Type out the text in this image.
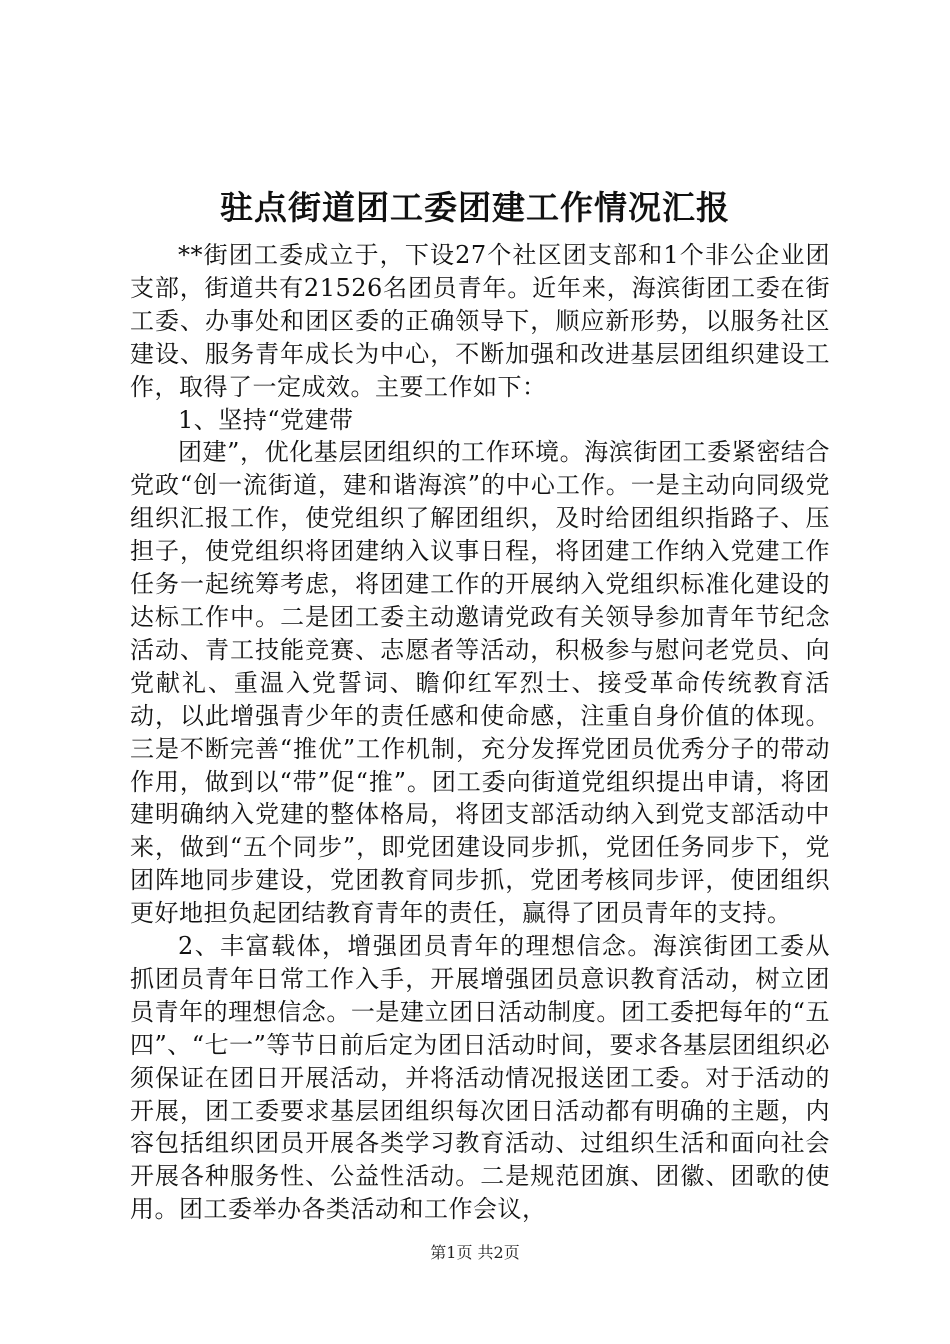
驻点街道团工委团建工作情况汇报

**街团工委成立于，下设27个社区团支部和1个非公企业团支部，街道共有21526名团员青年。近年来，海滨街团工委在街工委、办事处和团区委的正确领导下，顺应新形势，以服务社区建设、服务青年成长为中心，不断加强和改进基层团组织建设工作，取得了一定成效。主要工作如下：

1、坚持“党建带

团建”，优化基层团组织的工作环境。海滨街团工委紧密结合党政“创一流街道，建和谐海滨”的中心工作。一是主动向同级党组织汇报工作，使党组织了解团组织，及时给团组织指路子、压担子，使党组织将团建纳入议事日程，将团建工作纳入党建工作任务一起统筹考虑，将团建工作的开展纳入党组织标准化建设的达标工作中。二是团工委主动邀请党政有关领导参加青年节纪念活动、青工技能竞赛、志愿者等活动，积极参与慰问老党员、向党献礼、重温入党誓词、瞻仰红军烈士、接受革命传统教育活动，以此增强青少年的责任感和使命感，注重自身价值的体现。三是不断完善“推优”工作机制，充分发挥党团员优秀分子的带动作用，做到以“带”促“推”。团工委向街道党组织提出申请，将团建明确纳入党建的整体格局，将团支部活动纳入到党支部活动中来，做到“五个同步”，即党团建设同步抓，党团任务同步下，党团阵地同步建设，党团教育同步抓，党团考核同步评，使团组织更好地担负起团结教育青年的责任，赢得了团员青年的支持。

2、丰富载体，增强团员青年的理想信念。海滨街团工委从抓团员青年日常工作入手，开展增强团员意识教育活动，树立团员青年的理想信念。一是建立团日活动制度。团工委把每年的“五四”、“七一”等节日前后定为团日活动时间，要求各基层团组织必须保证在团日开展活动，并将活动情况报送团工委。对于活动的开展，团工委要求基层团组织每次团日活动都有明确的主题，内容包括组织团员开展各类学习教育活动、过组织生活和面向社会开展各种服务性、公益性活动。二是规范团旗、团徽、团歌的使用。团工委举办各类活动和工作会议，

第1页 共2页
